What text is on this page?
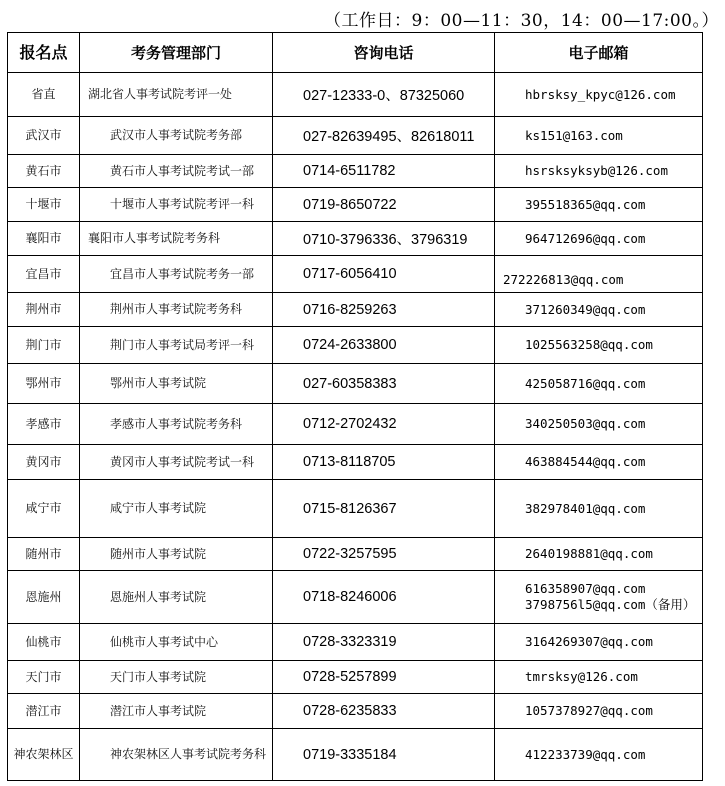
（工作日：9：00—11：30，14：00—17:00。）
报名点	考务管理部门	咨询电话	电子邮箱
省直	湖北省人事考试院考评一处	027-12333-0、87325060	hbrsksy_kpyc@126.com
武汉市	武汉市人事考试院考务部	027-82639495、82618011	ks151@163.com
黄石市	黄石市人事考试院考试一部	0714-6511782	hsrsksyksyb@126.com
十堰市	十堰市人事考试院考评一科	0719-8650722	395518365@qq.com
襄阳市	襄阳市人事考试院考务科	0710-3796336、3796319	964712696@qq.com
宜昌市	宜昌市人事考试院考务一部	0717-6056410	272226813@qq.com
荆州市	荆州市人事考试院考务科	0716-8259263	371260349@qq.com
荆门市	荆门市人事考试局考评一科	0724-2633800	1025563258@qq.com
鄂州市	鄂州市人事考试院	027-60358383	425058716@qq.com
孝感市	孝感市人事考试院考务科	0712-2702432	340250503@qq.com
黄冈市	黄冈市人事考试院考试一科	0713-8118705	463884544@qq.com
咸宁市	咸宁市人事考试院	0715-8126367	382978401@qq.com
随州市	随州市人事考试院	0722-3257595	2640198881@qq.com
恩施州	恩施州人事考试院	0718-8246006	616358907@qq.com
3798756l5@qq.com（备用）

仙桃市	仙桃市人事考试中心	0728-3323319	3164269307@qq.com
天门市	天门市人事考试院	0728-5257899	tmrsksy@126.com
潜江市	潜江市人事考试院	0728-6235833	1057378927@qq.com
神农架林区	神农架林区人事考试院考务科	0719-3335184	412233739@qq.com
